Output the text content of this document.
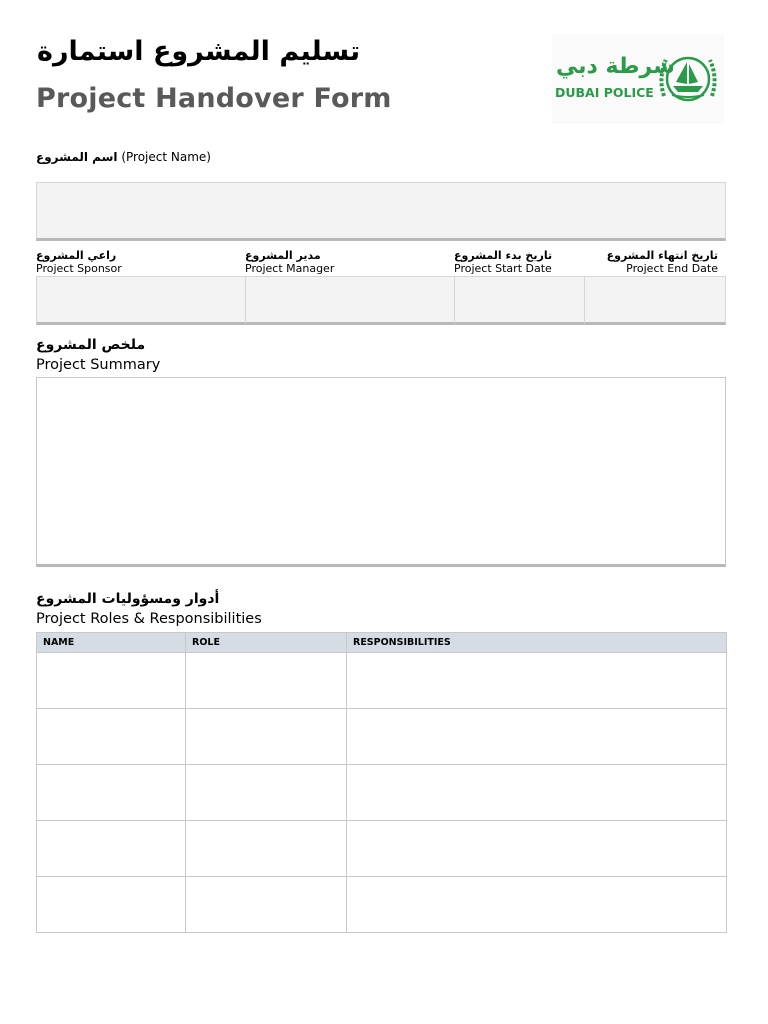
تسليم المشروع استمارة
Project Handover Form
شرطة دبي
DUBAI POLICE
اسم المشروع (Project Name)
راعي المشروع
Project Sponsor
مدير المشروع
Project Manager
تاريخ بدء المشروع
Project Start Date
تاريخ انتهاء المشروع
Project End Date
ملخص المشروع
Project Summary
أدوار ومسؤوليات المشروع
Project Roles & Responsibilities
NAME	ROLE	RESPONSIBILITIES
